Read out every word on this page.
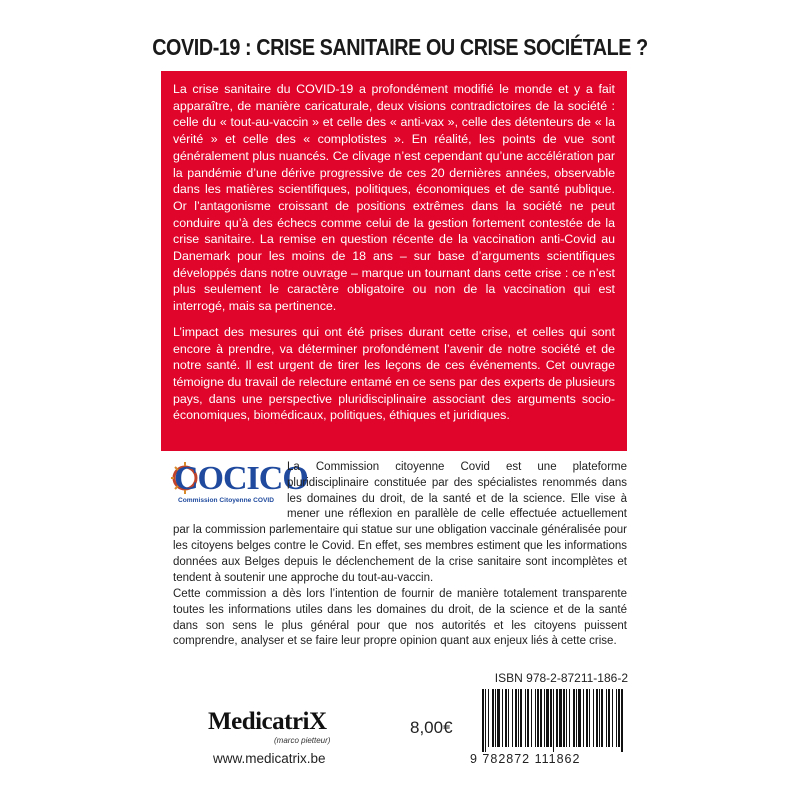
COVID-19 : CRISE SANITAIRE OU CRISE SOCIÉTALE ?

La crise sanitaire du COVID-19 a profondément modifié le monde et y a fait apparaître, de manière caricaturale, deux visions contradictoires de la société : celle du « tout-au-vaccin » et celle des « anti-vax », celle des détenteurs de « la vérité » et celle des « complotistes ». En réalité, les points de vue sont généralement plus nuancés. Ce clivage n’est cependant qu’une accélération par la pandémie d’une dérive progressive de ces 20 dernières années, observable dans les matières scientifiques, politiques, économiques et de santé publique. Or l’antagonisme croissant de positions extrêmes dans la société ne peut conduire qu’à des échecs comme celui de la gestion fortement contestée de la crise sanitaire. La remise en question récente de la vaccination anti-Covid au Danemark pour les moins de 18 ans – sur base d’arguments scientifiques développés dans notre ouvrage – marque un tournant dans cette crise : ce n’est plus seulement le caractère obligatoire ou non de la vaccination qui est interrogé, mais sa pertinence.

L’impact des mesures qui ont été prises durant cette crise, et celles qui sont encore à prendre, va déterminer profondément l’avenir de notre société et de notre santé. Il est urgent de tirer les leçons de ces événements. Cet ouvrage témoigne du travail de relecture entamé en ce sens par des experts de plusieurs pays, dans une perspective pluridisciplinaire associant des arguments socio-économiques, biomédicaux, politiques, éthiques et juridiques.

COCICO
Commission Citoyenne COVID
La Commission citoyenne Covid est une plateforme pluridisciplinaire constituée par des spécialistes renommés dans les domaines du droit, de la santé et de la science. Elle vise à mener une réflexion en parallèle de celle effectuée actuellement par la commission parlementaire qui statue sur une obligation vaccinale généralisée pour les citoyens belges contre le Covid. En effet, ses membres estiment que les informations données aux Belges depuis le déclenchement de la crise sanitaire sont incomplètes et tendent à soutenir une approche du tout-au-vaccin.
Cette commission a dès lors l’intention de fournir de manière totalement transparente toutes les informations utiles dans les domaines du droit, de la science et de la santé dans son sens le plus général pour que nos autorités et les citoyens puissent comprendre, analyser et se faire leur propre opinion quant aux enjeux liés à cette crise.
ISBN 978-2-87211-186-2
9 782872 111862
MedicatriX
(marco pietteur)
8,00€
www.medicatrix.be
